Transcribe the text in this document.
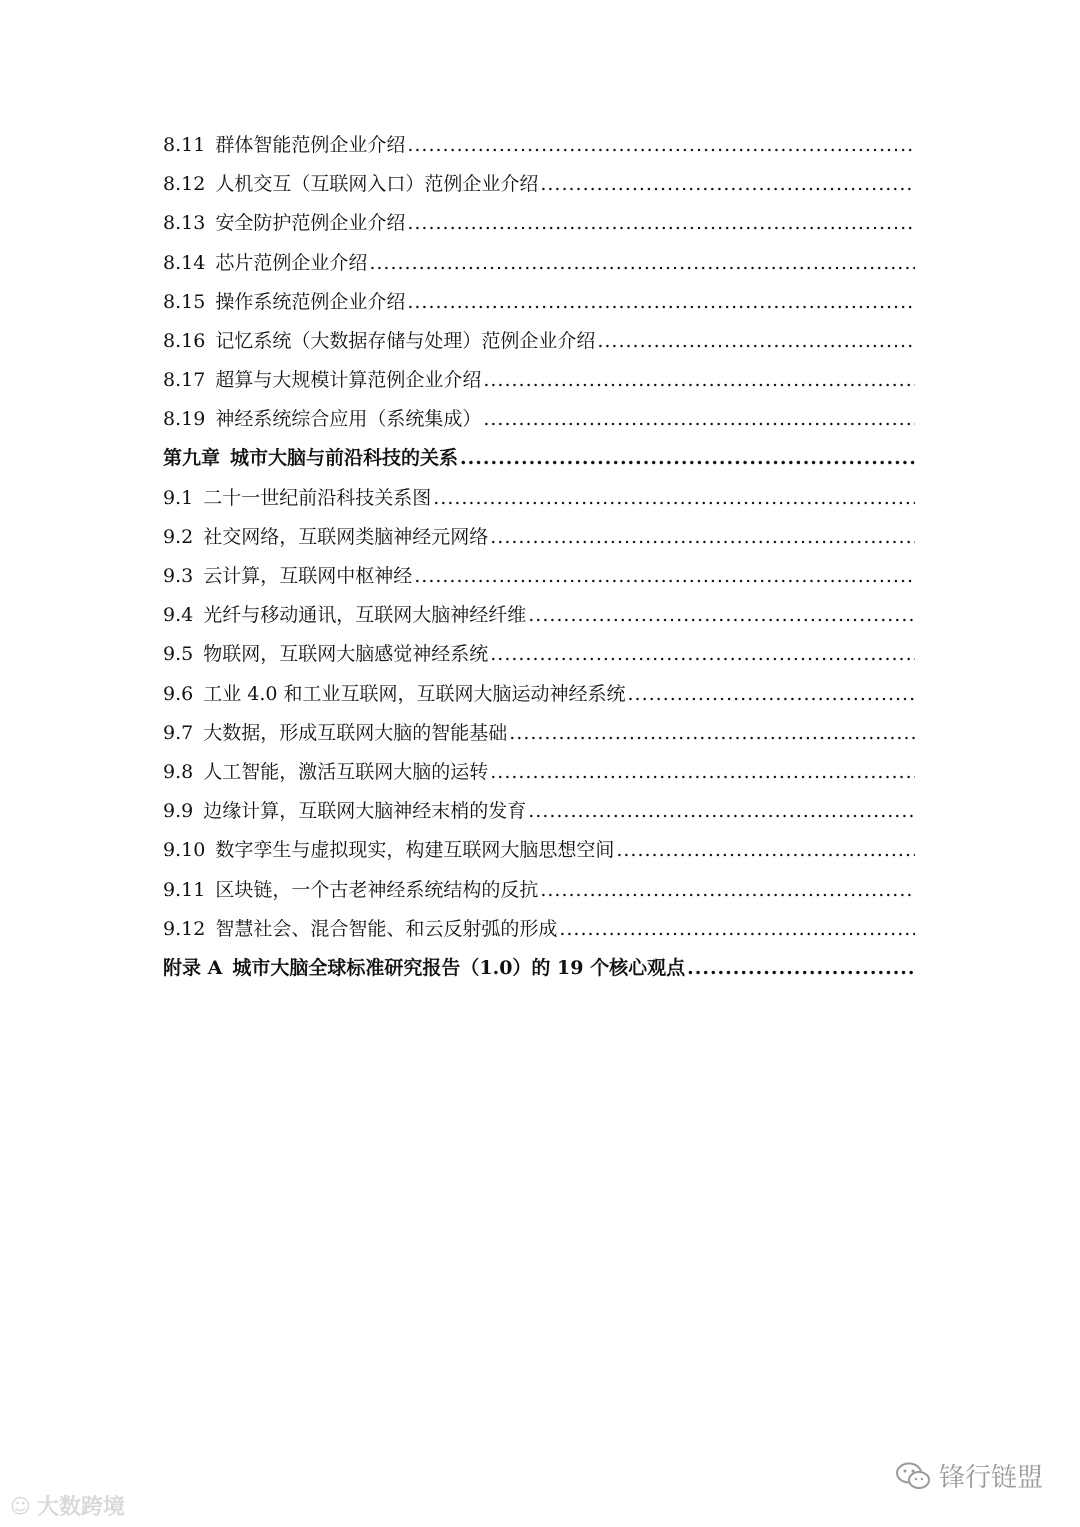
8.11 群体智能范例企业介绍
.....
8.12 人机交互（互联网入口）范例企业介绍
.....
8.13 安全防护范例企业介绍
.....
8.14 芯片范例企业介绍
.....
8.15 操作系统范例企业介绍
.....
8.16 记忆系统（大数据存储与处理）范例企业介绍
.....
8.17 超算与大规模计算范例企业介绍
.....
8.19 神经系统综合应用（系统集成）
.....
第九章 城市大脑与前沿科技的关系
.....
9.1 二十一世纪前沿科技关系图
.....
9.2 社交网络，互联网类脑神经元网络
.....
9.3 云计算，互联网中枢神经
.....
9.4 光纤与移动通讯，互联网大脑神经纤维
.....
9.5 物联网，互联网大脑感觉神经系统
.....
9.6 工业 4.0 和工业互联网，互联网大脑运动神经系统
.....
9.7 大数据，形成互联网大脑的智能基础
.....
9.8 人工智能，激活互联网大脑的运转
.....
9.9 边缘计算，互联网大脑神经末梢的发育
.....
9.10 数字孪生与虚拟现实，构建互联网大脑思想空间
.....
9.11 区块链，一个古老神经系统结构的反抗
.....
9.12 智慧社会、混合智能、和云反射弧的形成
.....
附录 A 城市大脑全球标准研究报告（1.0）的 19 个核心观点
.....
☺ 大数跨境
锋行链盟
